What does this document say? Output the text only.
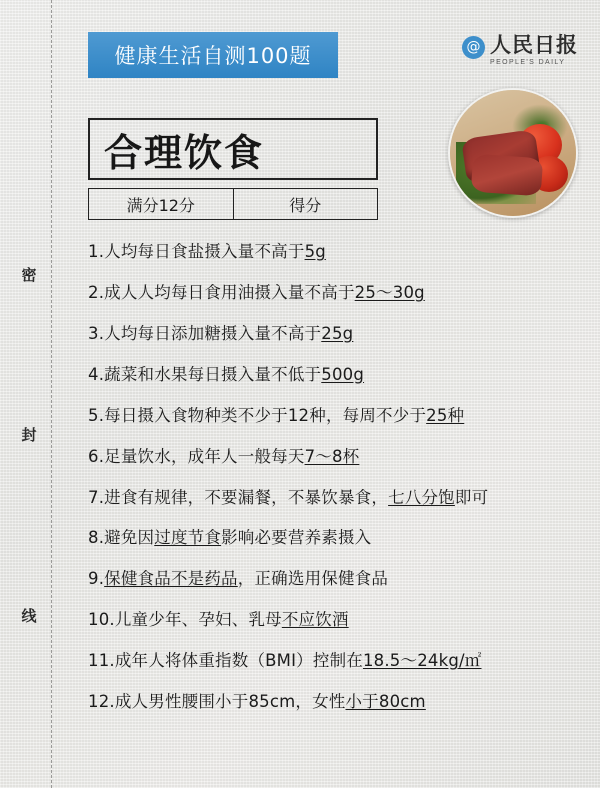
密
封
线
健康生活自测100题	@ 人民日报
PEOPLE'S DAILY
合理饮食
满分12分	得分
1.人均每日食盐摄入量不高于5g
2.成人人均每日食用油摄入量不高于25～30g
3.人均每日添加糖摄入量不高于25g
4.蔬菜和水果每日摄入量不低于500g
5.每日摄入食物种类不少于12种，每周不少于25种
6.足量饮水，成年人一般每天7～8杯
7.进食有规律，不要漏餐，不暴饮暴食，七八分饱即可
8.避免因过度节食影响必要营养素摄入
9.保健食品不是药品，正确选用保健食品
10.儿童少年、孕妇、乳母不应饮酒
11.成年人将体重指数（BMI）控制在18.5～24kg/㎡
12.成人男性腰围小于85cm，女性小于80cm
